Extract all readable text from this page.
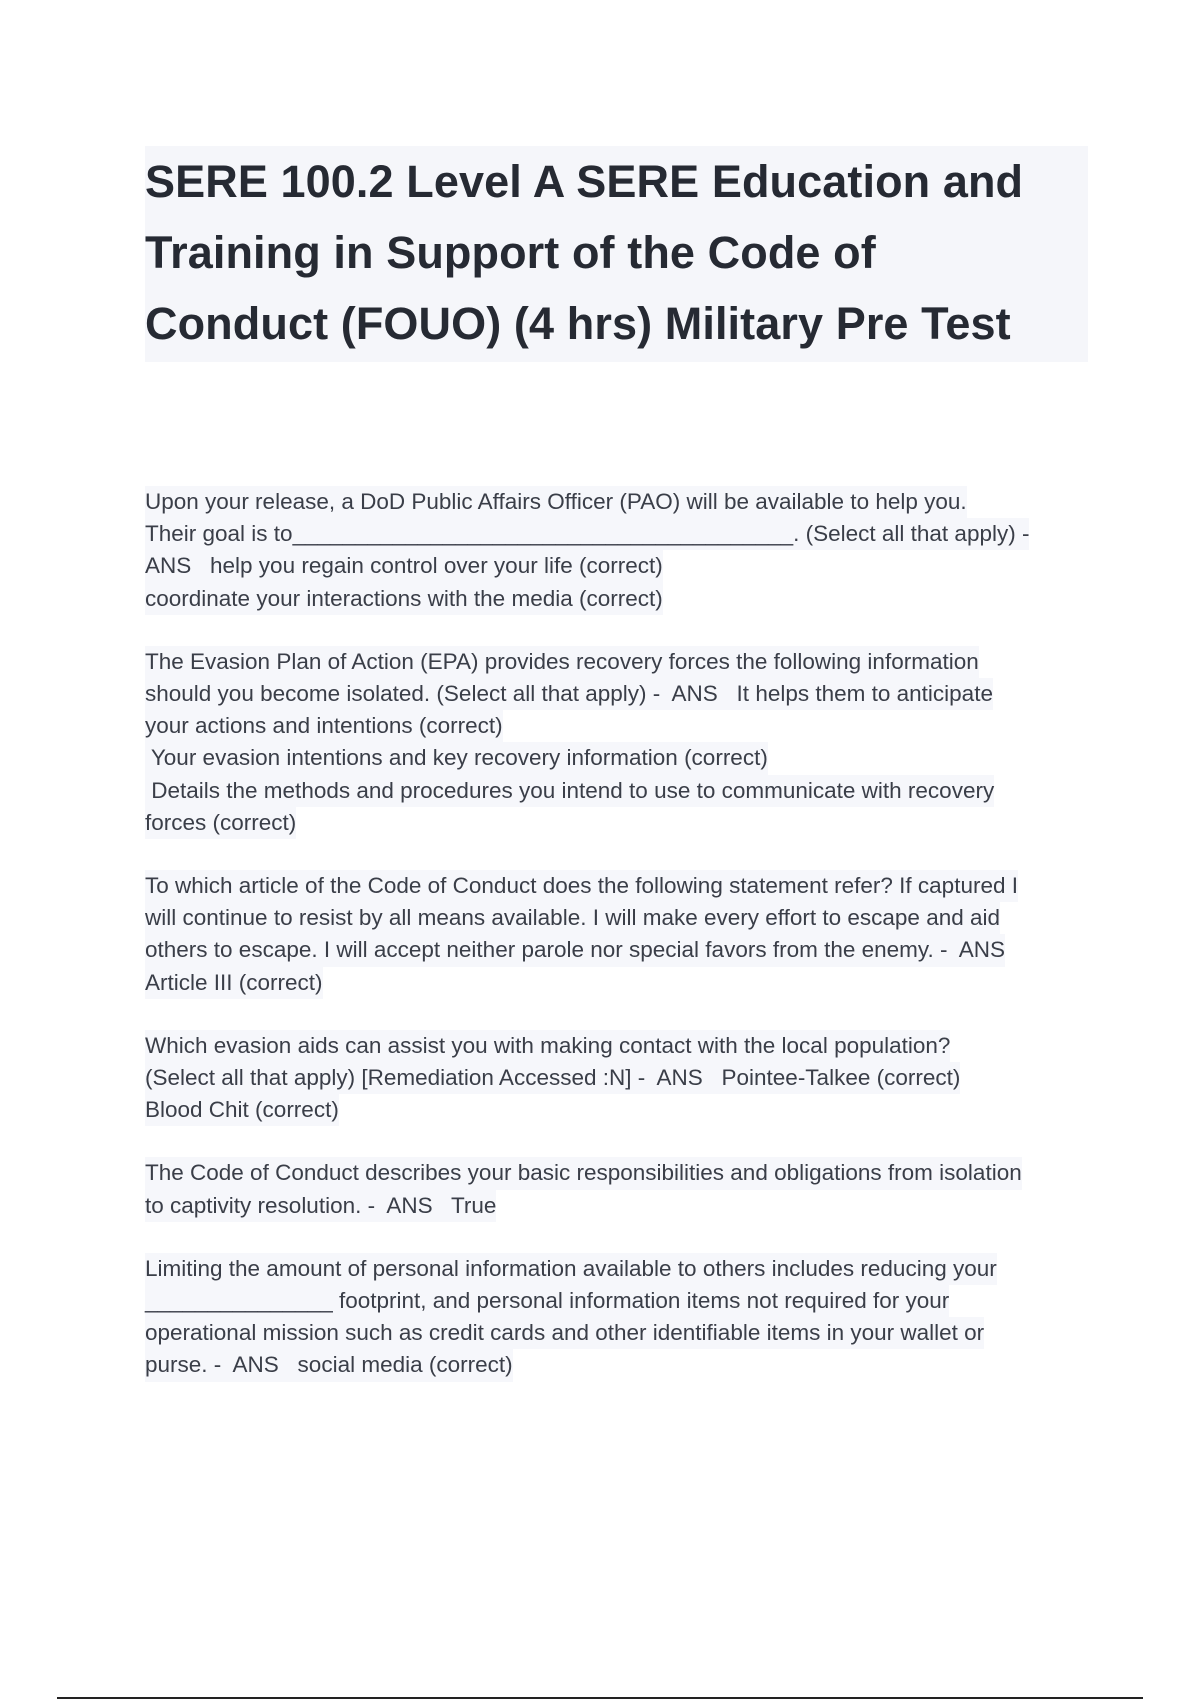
SERE 100.2 Level A SERE Education and
Training in Support of the Code of
Conduct (FOUO) (4 hrs) Military Pre Test
Upon your release, a DoD Public Affairs Officer (PAO) will be available to help you.
Their goal is to________________________________________. (Select all that apply) -
ANS   help you regain control over your life (correct)
coordinate your interactions with the media (correct)
The Evasion Plan of Action (EPA) provides recovery forces the following information
should you become isolated. (Select all that apply) -  ANS   It helps them to anticipate
your actions and intentions (correct)
Your evasion intentions and key recovery information (correct)
Details the methods and procedures you intend to use to communicate with recovery
forces (correct)
To which article of the Code of Conduct does the following statement refer? If captured I
will continue to resist by all means available. I will make every effort to escape and aid
others to escape. I will accept neither parole nor special favors from the enemy. -  ANS
Article III (correct)
Which evasion aids can assist you with making contact with the local population?
(Select all that apply) [Remediation Accessed :N] -  ANS   Pointee-Talkee (correct)
Blood Chit (correct)
The Code of Conduct describes your basic responsibilities and obligations from isolation
to captivity resolution. -  ANS   True
Limiting the amount of personal information available to others includes reducing your
_______________ footprint, and personal information items not required for your
operational mission such as credit cards and other identifiable items in your wallet or
purse. -  ANS   social media (correct)
